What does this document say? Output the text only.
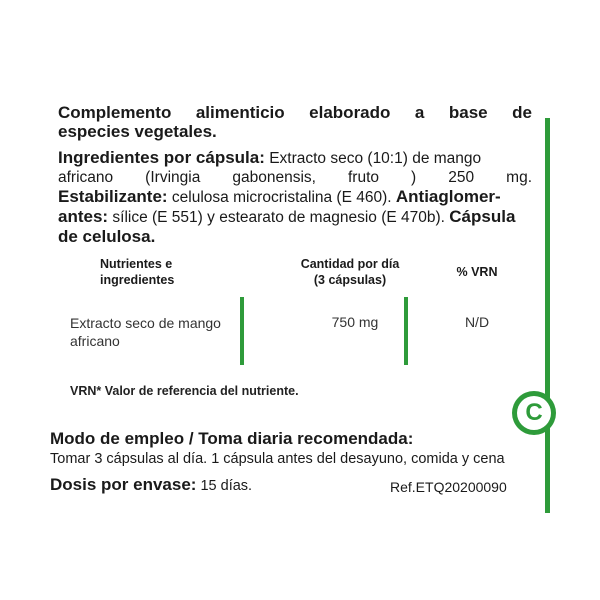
C
Complemento alimenticio elaborado a base de
especies vegetales.
Ingredientes por cápsula: Extracto seco (10:1) de mango
africano (Irvingia gabonensis, fruto ) 250 mg.
Estabilizante: celulosa microcristalina (E 460). Antiaglomer-
antes: sílice (E 551) y estearato de magnesio (E 470b). Cápsula
de celulosa.
Nutrientes e
ingredientes
Cantidad por día
(3 cápsulas)
% VRN
Extracto seco de mango
africano
750 mg	N/D
VRN* Valor de referencia del nutriente.
Modo de empleo / Toma diaria recomendada:
Tomar 3 cápsulas al día. 1 cápsula antes del desayuno, comida y cena
Dosis por envase: 15 días.	Ref.ETQ20200090
